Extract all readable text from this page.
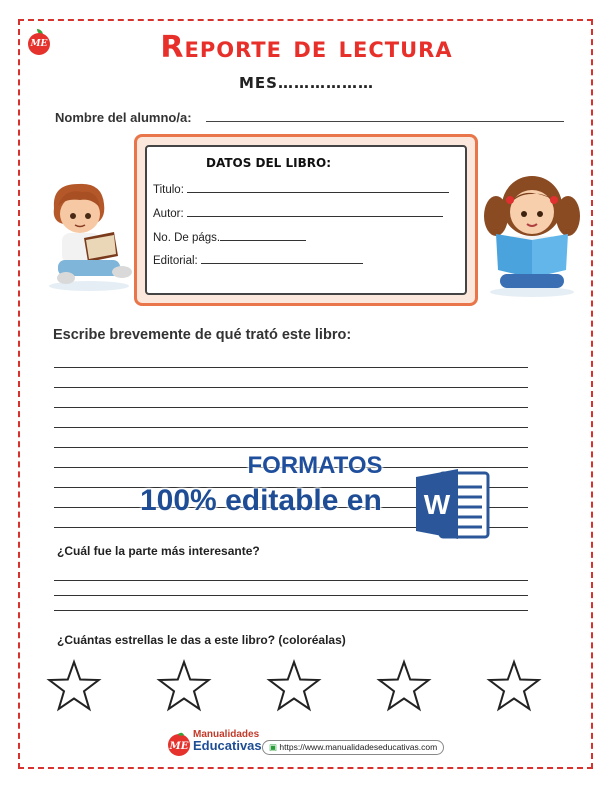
ME	Reporte de lectura
MES………………
Nombre del alumno/a:
DATOS DEL LIBRO:
Titulo:
Autor:
No. De págs.
Editorial:
Escribe brevemente de qué trató este libro:
FORMATOS
100% editable en W
¿Cuál fue la parte más interesante?
¿Cuántas estrellas le das a este libro? (coloréalas)
ME
Manualidades
Educativas ▣ https://www.manualidadeseducativas.com
